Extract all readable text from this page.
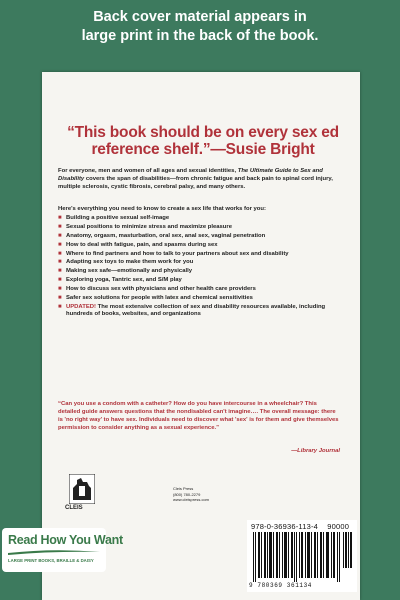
Back cover material appears in
large print in the back of the book.
“This book should be on every sex ed reference shelf.”—Susie Bright
For everyone, men and women of all ages and sexual identities, The Ultimate Guide to Sex and Disability covers the span of disabilities—from chronic fatigue and back pain to spinal cord injury, multiple sclerosis, cystic fibrosis, cerebral palsy, and many others.
Here's everything you need to know to create a sex life that works for you:
■ Building a positive sexual self-image
■ Sexual positions to minimize stress and maximize pleasure
■ Anatomy, orgasm, masturbation, oral sex, anal sex, vaginal penetration
■ How to deal with fatigue, pain, and spasms during sex
■ Where to find partners and how to talk to your partners about sex and disability
■ Adapting sex toys to make them work for you
■ Making sex safe—emotionally and physically
■ Exploring yoga, Tantric sex, and S/M play
■ How to discuss sex with physicians and other health care providers
■ Safer sex solutions for people with latex and chemical sensitivities
■ UPDATED! The most extensive collection of sex and disability resources available, including hundreds of books, websites, and organizations
“Can you use a condom with a catheter? How do you have intercourse in a wheelchair? This detailed guide answers questions that the nondisabled can't imagine…. The overall message: there is 'no right way' to have sex. Individuals need to discover what 'sex' is for them and give themselves permission to consider anything as a sexual experience.”
—Library Journal
CLEIS
Cleis Press
(800) 780-2279
www.cleispress.com
978-0-36936-113-4 90000
9 780369 361134
Read How You Want
LARGE PRINT BOOKS, BRAILLE & DAISY
